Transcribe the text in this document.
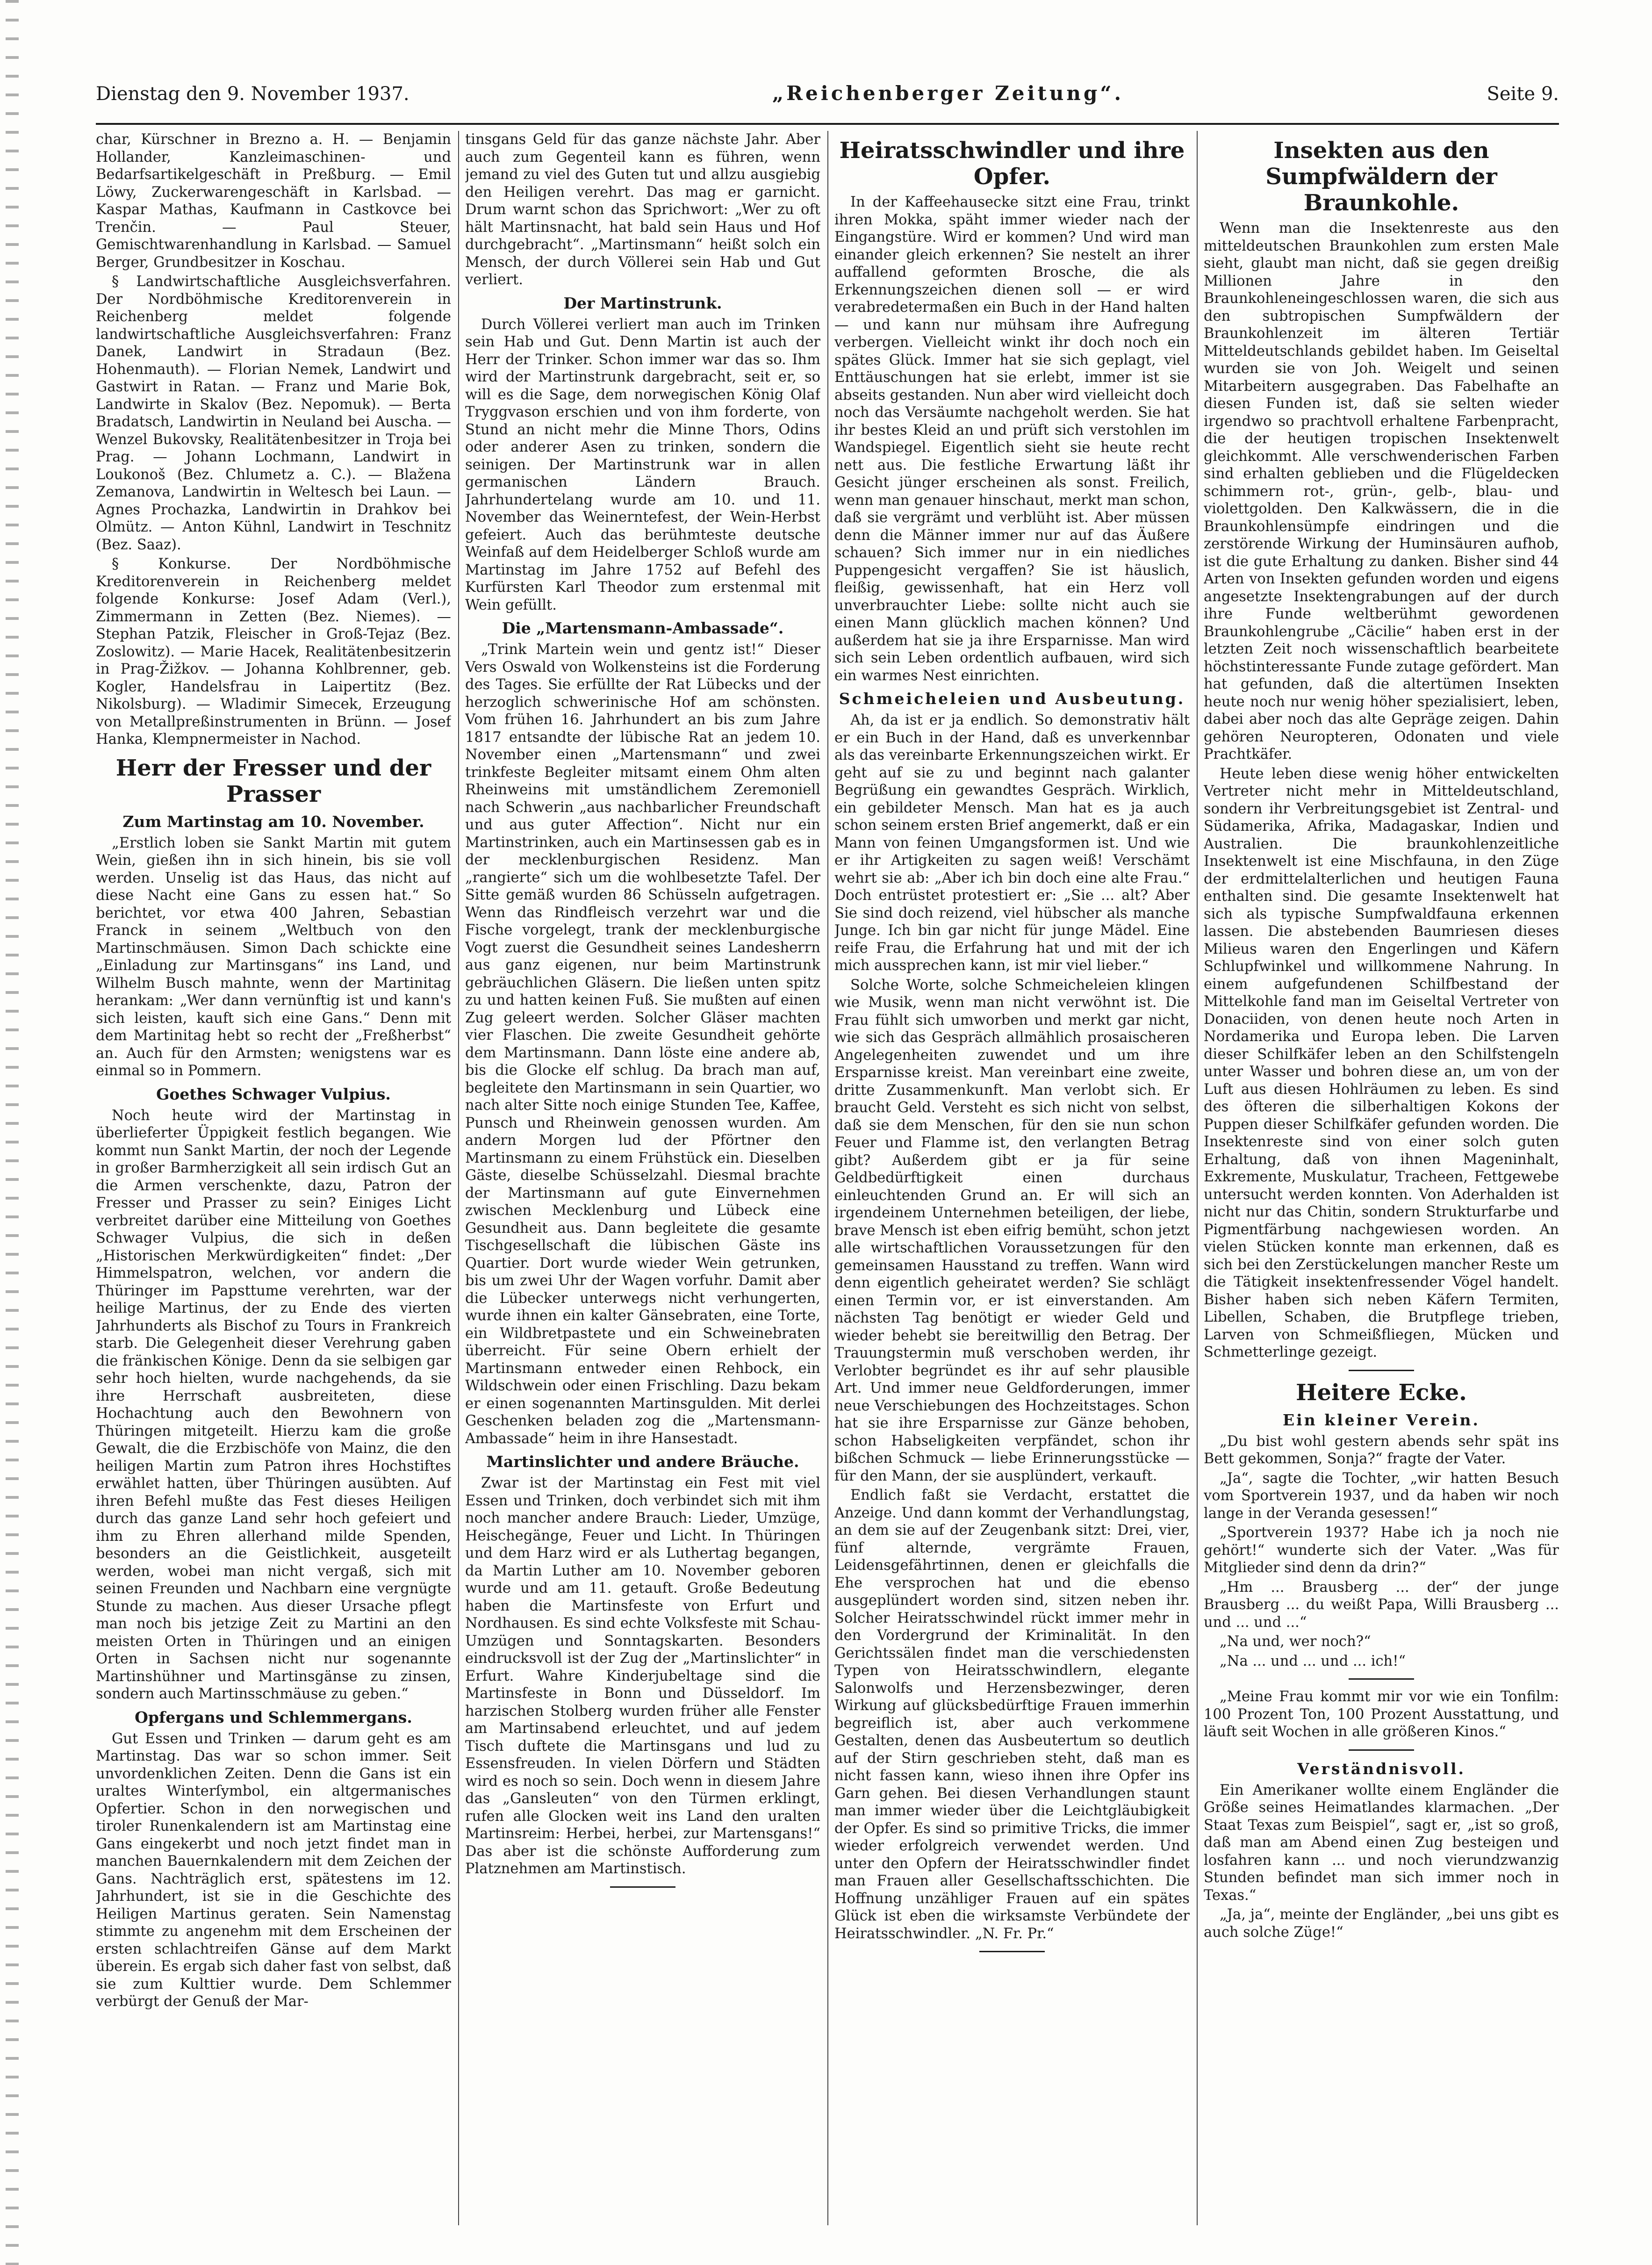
Dienstag den 9. November 1937.	„Reichenberger Zeitung“.	Seite 9.

char, Kürschner in Brezno a. H. — Benjamin Hollander, Kanzleimaschinen- und Bedarfsartikelgeschäft in Preßburg. — Emil Löwy, Zuckerwarengeschäft in Karlsbad. — Kaspar Mathas, Kaufmann in Castkovce bei Trenčin. — Paul Steuer, Gemischtwarenhandlung in Karlsbad. — Samuel Berger, Grundbesitzer in Koschau.

§ Landwirtschaftliche Ausgleichsverfahren. Der Nordböhmische Kreditorenverein in Reichenberg meldet folgende landwirtschaftliche Ausgleichsverfahren: Franz Danek, Landwirt in Stradaun (Bez. Hohenmauth). — Florian Nemek, Landwirt und Gastwirt in Ratan. — Franz und Marie Bok, Landwirte in Skalov (Bez. Nepomuk). — Berta Bradatsch, Landwirtin in Neuland bei Auscha. — Wenzel Bukovsky, Realitätenbesitzer in Troja bei Prag. — Johann Lochmann, Landwirt in Loukonoš (Bez. Chlumetz a. C.). — Blažena Zemanova, Landwirtin in Weltesch bei Laun. — Agnes Prochazka, Landwirtin in Drahkov bei Olmütz. — Anton Kühnl, Landwirt in Teschnitz (Bez. Saaz).

§ Konkurse. Der Nordböhmische Kreditorenverein in Reichenberg meldet folgende Konkurse: Josef Adam (Verl.), Zimmermann in Zetten (Bez. Niemes). — Stephan Patzik, Fleischer in Groß-Tejaz (Bez. Zoslowitz). — Marie Hacek, Realitätenbesitzerin in Prag-Žižkov. — Johanna Kohlbrenner, geb. Kogler, Handelsfrau in Laipertitz (Bez. Nikolsburg). — Wladimir Simecek, Erzeugung von Metallpreßinstrumenten in Brünn. — Josef Hanka, Klempnermeister in Nachod.

Herr der Fresser und der Prasser
Zum Martinstag am 10. November.

„Erstlich loben sie Sankt Martin mit gutem Wein, gießen ihn in sich hinein, bis sie voll werden. Unselig ist das Haus, das nicht auf diese Nacht eine Gans zu essen hat.“ So berichtet, vor etwa 400 Jahren, Sebastian Franck in seinem „Weltbuch von den Martinschmäusen. Simon Dach schickte eine „Einladung zur Martinsgans“ ins Land, und Wilhelm Busch mahnte, wenn der Martinitag herankam: „Wer dann vernünftig ist und kann's sich leisten, kauft sich eine Gans.“ Denn mit dem Martinitag hebt so recht der „Freßherbst“ an. Auch für den Armsten; wenigstens war es einmal so in Pommern.

Goethes Schwager Vulpius.

Noch heute wird der Martinstag in überlieferter Üppigkeit festlich begangen. Wie kommt nun Sankt Martin, der noch der Legende in großer Barmherzigkeit all sein irdisch Gut an die Armen verschenkte, dazu, Patron der Fresser und Prasser zu sein? Einiges Licht verbreitet darüber eine Mitteilung von Goethes Schwager Vulpius, die sich in deßen „Historischen Merkwürdigkeiten“ findet: „Der Himmelspatron, welchen, vor andern die Thüringer im Papsttume verehrten, war der heilige Martinus, der zu Ende des vierten Jahrhunderts als Bischof zu Tours in Frankreich starb. Die Gelegenheit dieser Verehrung gaben die fränkischen Könige. Denn da sie selbigen gar sehr hoch hielten, wurde nachgehends, da sie ihre Herrschaft ausbreiteten, diese Hochachtung auch den Bewohnern von Thüringen mitgeteilt. Hierzu kam die große Gewalt, die die Erzbischöfe von Mainz, die den heiligen Martin zum Patron ihres Hochstiftes erwählet hatten, über Thüringen ausübten. Auf ihren Befehl mußte das Fest dieses Heiligen durch das ganze Land sehr hoch gefeiert und ihm zu Ehren allerhand milde Spenden, besonders an die Geistlichkeit, ausgeteilt werden, wobei man nicht vergaß, sich mit seinen Freunden und Nachbarn eine vergnügte Stunde zu machen. Aus dieser Ursache pflegt man noch bis jetzige Zeit zu Martini an den meisten Orten in Thüringen und an einigen Orten in Sachsen nicht nur sogenannte Martinshühner und Martinsgänse zu zinsen, sondern auch Martinsschmäuse zu geben.“

Opfergans und Schlemmergans.

Gut Essen und Trinken — darum geht es am Martinstag. Das war so schon immer. Seit unvordenklichen Zeiten. Denn die Gans ist ein uraltes Winterſymbol, ein altgermanisches Opfertier. Schon in den norwegischen und tiroler Runenkalendern ist am Martinstag eine Gans eingekerbt und noch jetzt findet man in manchen Bauernkalendern mit dem Zeichen der Gans. Nachträglich erst, spätestens im 12. Jahrhundert, ist sie in die Geschichte des Heiligen Martinus geraten. Sein Namenstag stimmte zu angenehm mit dem Erscheinen der ersten schlachtreifen Gänse auf dem Markt überein. Es ergab sich daher fast von selbst, daß sie zum Kulttier wurde. Dem Schlemmer verbürgt der Genuß der Mar-

tinsgans Geld für das ganze nächste Jahr. Aber auch zum Gegenteil kann es führen, wenn jemand zu viel des Guten tut und allzu ausgiebig den Heiligen verehrt. Das mag er garnicht. Drum warnt schon das Sprichwort: „Wer zu oft hält Martinsnacht, hat bald sein Haus und Hof durchgebracht“. „Martinsmann“ heißt solch ein Mensch, der durch Völlerei sein Hab und Gut verliert.

Der Martinstrunk.

Durch Völlerei verliert man auch im Trinken sein Hab und Gut. Denn Martin ist auch der Herr der Trinker. Schon immer war das so. Ihm wird der Martinstrunk dargebracht, seit er, so will es die Sage, dem norwegischen König Olaf Tryggvason erschien und von ihm forderte, von Stund an nicht mehr die Minne Thors, Odins oder anderer Asen zu trinken, sondern die seinigen. Der Martinstrunk war in allen germanischen Ländern Brauch. Jahrhundertelang wurde am 10. und 11. November das Weinerntefest, der Wein-Herbst gefeiert. Auch das berühmteste deutsche Weinfaß auf dem Heidelberger Schloß wurde am Martinstag im Jahre 1752 auf Befehl des Kurfürsten Karl Theodor zum erstenmal mit Wein gefüllt.

Die „Martensmann-Ambassade“.

„Trink Martein wein und gentz ist!“ Dieser Vers Oswald von Wolkensteins ist die Forderung des Tages. Sie erfüllte der Rat Lübecks und der herzoglich schwerinische Hof am schönsten. Vom frühen 16. Jahrhundert an bis zum Jahre 1817 entsandte der lübische Rat an jedem 10. November einen „Martensmann“ und zwei trinkfeste Begleiter mitsamt einem Ohm alten Rheinweins mit umständlichem Zeremoniell nach Schwerin „aus nachbarlicher Freundschaft und aus guter Affection“. Nicht nur ein Martinstrinken, auch ein Martinsessen gab es in der mecklenburgischen Residenz. Man „rangierte“ sich um die wohlbesetzte Tafel. Der Sitte gemäß wurden 86 Schüsseln aufgetragen. Wenn das Rindfleisch verzehrt war und die Fische vorgelegt, trank der mecklenburgische Vogt zuerst die Gesundheit seines Landesherrn aus ganz eigenen, nur beim Martinstrunk gebräuchlichen Gläsern. Die ließen unten spitz zu und hatten keinen Fuß. Sie mußten auf einen Zug geleert werden. Solcher Gläser machten vier Flaschen. Die zweite Gesundheit gehörte dem Martinsmann. Dann löste eine andere ab, bis die Glocke elf schlug. Da brach man auf, begleitete den Martinsmann in sein Quartier, wo nach alter Sitte noch einige Stunden Tee, Kaffee, Punsch und Rheinwein genossen wurden. Am andern Morgen lud der Pförtner den Martinsmann zu einem Frühstück ein. Dieselben Gäste, dieselbe Schüsselzahl. Diesmal brachte der Martinsmann auf gute Einvernehmen zwischen Mecklenburg und Lübeck eine Gesundheit aus. Dann begleitete die gesamte Tischgesellschaft die lübischen Gäste ins Quartier. Dort wurde wieder Wein getrunken, bis um zwei Uhr der Wagen vorfuhr. Damit aber die Lübecker unterwegs nicht verhungerten, wurde ihnen ein kalter Gänsebraten, eine Torte, ein Wildbretpastete und ein Schweinebraten überreicht. Für seine Obern erhielt der Martinsmann entweder einen Rehbock, ein Wildschwein oder einen Frischling. Dazu bekam er einen sogenannten Martinsgulden. Mit derlei Geschenken beladen zog die „Martensmann-Ambassade“ heim in ihre Hansestadt.

Martinslichter und andere Bräuche.

Zwar ist der Martinstag ein Fest mit viel Essen und Trinken, doch verbindet sich mit ihm noch mancher andere Brauch: Lieder, Umzüge, Heischegänge, Feuer und Licht. In Thüringen und dem Harz wird er als Luthertag begangen, da Martin Luther am 10. November geboren wurde und am 11. getauft. Große Bedeutung haben die Martinsfeste von Erfurt und Nordhausen. Es sind echte Volksfeste mit Schau-Umzügen und Sonntagskarten. Besonders eindrucksvoll ist der Zug der „Martinslichter“ in Erfurt. Wahre Kinderjubeltage sind die Martinsfeste in Bonn und Düsseldorf. Im harzischen Stolberg wurden früher alle Fenster am Martinsabend erleuchtet, und auf jedem Tisch duftete die Martinsgans und lud zu Essensfreuden. In vielen Dörfern und Städten wird es noch so sein. Doch wenn in diesem Jahre das „Gansleuten“ von den Türmen erklingt, rufen alle Glocken weit ins Land den uralten Martinsreim: Herbei, herbei, zur Martensgans!“ Das aber ist die schönste Aufforderung zum Platznehmen am Martinstisch.

Heiratsschwindler und ihre Opfer.

In der Kaffeehausecke sitzt eine Frau, trinkt ihren Mokka, späht immer wieder nach der Eingangstüre. Wird er kommen? Und wird man einander gleich erkennen? Sie nestelt an ihrer auffallend geformten Brosche, die als Erkennungszeichen dienen soll — er wird verabredetermaßen ein Buch in der Hand halten — und kann nur mühsam ihre Aufregung verbergen. Vielleicht winkt ihr doch noch ein spätes Glück. Immer hat sie sich geplagt, viel Enttäuschungen hat sie erlebt, immer ist sie abseits gestanden. Nun aber wird vielleicht doch noch das Versäumte nachgeholt werden. Sie hat ihr bestes Kleid an und prüft sich verstohlen im Wandspiegel. Eigentlich sieht sie heute recht nett aus. Die festliche Erwartung läßt ihr Gesicht jünger erscheinen als sonst. Freilich, wenn man genauer hinschaut, merkt man schon, daß sie vergrämt und verblüht ist. Aber müssen denn die Männer immer nur auf das Äußere schauen? Sich immer nur in ein niedliches Puppengesicht vergaffen? Sie ist häuslich, fleißig, gewissenhaft, hat ein Herz voll unverbrauchter Liebe: sollte nicht auch sie einen Mann glücklich machen können? Und außerdem hat sie ja ihre Ersparnisse. Man wird sich sein Leben ordentlich aufbauen, wird sich ein warmes Nest einrichten.

Schmeicheleien und Ausbeutung.

Ah, da ist er ja endlich. So demonstrativ hält er ein Buch in der Hand, daß es unverkennbar als das vereinbarte Erkennungszeichen wirkt. Er geht auf sie zu und beginnt nach galanter Begrüßung ein gewandtes Gespräch. Wirklich, ein gebildeter Mensch. Man hat es ja auch schon seinem ersten Brief angemerkt, daß er ein Mann von feinen Umgangsformen ist. Und wie er ihr Artigkeiten zu sagen weiß! Verschämt wehrt sie ab: „Aber ich bin doch eine alte Frau.“ Doch entrüstet protestiert er: „Sie ... alt? Aber Sie sind doch reizend, viel hübscher als manche Junge. Ich bin gar nicht für junge Mädel. Eine reife Frau, die Erfahrung hat und mit der ich mich aussprechen kann, ist mir viel lieber.“

Solche Worte, solche Schmeicheleien klingen wie Musik, wenn man nicht verwöhnt ist. Die Frau fühlt sich umworben und merkt gar nicht, wie sich das Gespräch allmählich prosaischeren Angelegenheiten zuwendet und um ihre Ersparnisse kreist. Man vereinbart eine zweite, dritte Zusammenkunft. Man verlobt sich. Er braucht Geld. Versteht es sich nicht von selbst, daß sie dem Menschen, für den sie nun schon Feuer und Flamme ist, den verlangten Betrag gibt? Außerdem gibt er ja für seine Geldbedürftigkeit einen durchaus einleuchtenden Grund an. Er will sich an irgendeinem Unternehmen beteiligen, der liebe, brave Mensch ist eben eifrig bemüht, schon jetzt alle wirtschaftlichen Voraussetzungen für den gemeinsamen Hausstand zu treffen. Wann wird denn eigentlich geheiratet werden? Sie schlägt einen Termin vor, er ist einverstanden. Am nächsten Tag benötigt er wieder Geld und wieder behebt sie bereitwillig den Betrag. Der Trauungstermin muß verschoben werden, ihr Verlobter begründet es ihr auf sehr plausible Art. Und immer neue Geldforderungen, immer neue Verschiebungen des Hochzeitstages. Schon hat sie ihre Ersparnisse zur Gänze behoben, schon Habseligkeiten verpfändet, schon ihr bißchen Schmuck — liebe Erinnerungsstücke — für den Mann, der sie ausplündert, verkauft.

Endlich faßt sie Verdacht, erstattet die Anzeige. Und dann kommt der Verhandlungstag, an dem sie auf der Zeugenbank sitzt: Drei, vier, fünf alternde, vergrämte Frauen, Leidensgefährtinnen, denen er gleichfalls die Ehe versprochen hat und die ebenso ausgeplündert worden sind, sitzen neben ihr. Solcher Heiratsschwindel rückt immer mehr in den Vordergrund der Kriminalität. In den Gerichtssälen findet man die verschiedensten Typen von Heiratsschwindlern, elegante Salonwolfs und Herzensbezwinger, deren Wirkung auf glücksbedürftige Frauen immerhin begreiflich ist, aber auch verkommene Gestalten, denen das Ausbeutertum so deutlich auf der Stirn geschrieben steht, daß man es nicht fassen kann, wieso ihnen ihre Opfer ins Garn gehen. Bei diesen Verhandlungen staunt man immer wieder über die Leichtgläubigkeit der Opfer. Es sind so primitive Tricks, die immer wieder erfolgreich verwendet werden. Und unter den Opfern der Heiratsschwindler findet man Frauen aller Gesellschaftsschichten. Die Hoffnung unzähliger Frauen auf ein spätes Glück ist eben die wirksamste Verbündete der Heiratsschwindler. „N. Fr. Pr.“

Insekten aus den Sumpfwäldern der Braunkohle.

Wenn man die Insektenreste aus den mitteldeutschen Braunkohlen zum ersten Male sieht, glaubt man nicht, daß sie gegen dreißig Millionen Jahre in den Braunkohleneingeschlossen waren, die sich aus den subtropischen Sumpfwäldern der Braunkohlenzeit im älteren Tertiär Mitteldeutschlands gebildet haben. Im Geiseltal wurden sie von Joh. Weigelt und seinen Mitarbeitern ausgegraben. Das Fabelhafte an diesen Funden ist, daß sie selten wieder irgendwo so prachtvoll erhaltene Farbenpracht, die der heutigen tropischen Insektenwelt gleichkommt. Alle verschwenderischen Farben sind erhalten geblieben und die Flügeldecken schimmern rot-, grün-, gelb-, blau- und violettgolden. Den Kalkwässern, die in die Braunkohlensümpfe eindringen und die zerstörende Wirkung der Huminsäuren aufhob, ist die gute Erhaltung zu danken. Bisher sind 44 Arten von Insekten gefunden worden und eigens angesetzte Insektengrabungen auf der durch ihre Funde weltberühmt gewordenen Braunkohlengrube „Cäcilie“ haben erst in der letzten Zeit noch wissenschaftlich bearbeitete höchstinteressante Funde zutage gefördert. Man hat gefunden, daß die altertümen Insekten heute noch nur wenig höher spezialisiert, leben, dabei aber noch das alte Gepräge zeigen. Dahin gehören Neuropteren, Odonaten und viele Prachtkäfer.

Heute leben diese wenig höher entwickelten Vertreter nicht mehr in Mitteldeutschland, sondern ihr Verbreitungsgebiet ist Zentral- und Südamerika, Afrika, Madagaskar, Indien und Australien. Die braunkohlenzeitliche Insektenwelt ist eine Mischfauna, in den Züge der erdmittelalterlichen und heutigen Fauna enthalten sind. Die gesamte Insektenwelt hat sich als typische Sumpfwaldfauna erkennen lassen. Die abstebenden Baumriesen dieses Milieus waren den Engerlingen und Käfern Schlupfwinkel und willkommene Nahrung. In einem aufgefundenen Schilfbestand der Mittelkohle fand man im Geiseltal Vertreter von Donaciiden, von denen heute noch Arten in Nordamerika und Europa leben. Die Larven dieser Schilfkäfer leben an den Schilfstengeln unter Wasser und bohren diese an, um von der Luft aus diesen Hohlräumen zu leben. Es sind des öfteren die silberhaltigen Kokons der Puppen dieser Schilfkäfer gefunden worden. Die Insektenreste sind von einer solch guten Erhaltung, daß von ihnen Mageninhalt, Exkremente, Muskulatur, Tracheen, Fettgewebe untersucht werden konnten. Von Aderhalden ist nicht nur das Chitin, sondern Strukturfarbe und Pigmentfärbung nachgewiesen worden. An vielen Stücken konnte man erkennen, daß es sich bei den Zerstückelungen mancher Reste um die Tätigkeit insektenfressender Vögel handelt. Bisher haben sich neben Käfern Termiten, Libellen, Schaben, die Brutpflege trieben, Larven von Schmeißfliegen, Mücken und Schmetterlinge gezeigt.

Heitere Ecke.
Ein kleiner Verein.

„Du bist wohl gestern abends sehr spät ins Bett gekommen, Sonja?“ fragte der Vater.

„Ja“, sagte die Tochter, „wir hatten Besuch vom Sportverein 1937, und da haben wir noch lange in der Veranda gesessen!“

„Sportverein 1937? Habe ich ja noch nie gehört!“ wunderte sich der Vater. „Was für Mitglieder sind denn da drin?“

„Hm ... Brausberg ... der“ der junge Brausberg ... du weißt Papa, Willi Brausberg ... und ... und ...“

„Na und, wer noch?“

„Na ... und ... und ... ich!“

„Meine Frau kommt mir vor wie ein Tonfilm: 100 Prozent Ton, 100 Prozent Ausstattung, und läuft seit Wochen in alle größeren Kinos.“

Verständnisvoll.

Ein Amerikaner wollte einem Engländer die Größe seines Heimatlandes klarmachen. „Der Staat Texas zum Beispiel“, sagt er, „ist so groß, daß man am Abend einen Zug besteigen und losfahren kann ... und noch vierundzwanzig Stunden befindet man sich immer noch in Texas.“

„Ja, ja“, meinte der Engländer, „bei uns gibt es auch solche Züge!“
